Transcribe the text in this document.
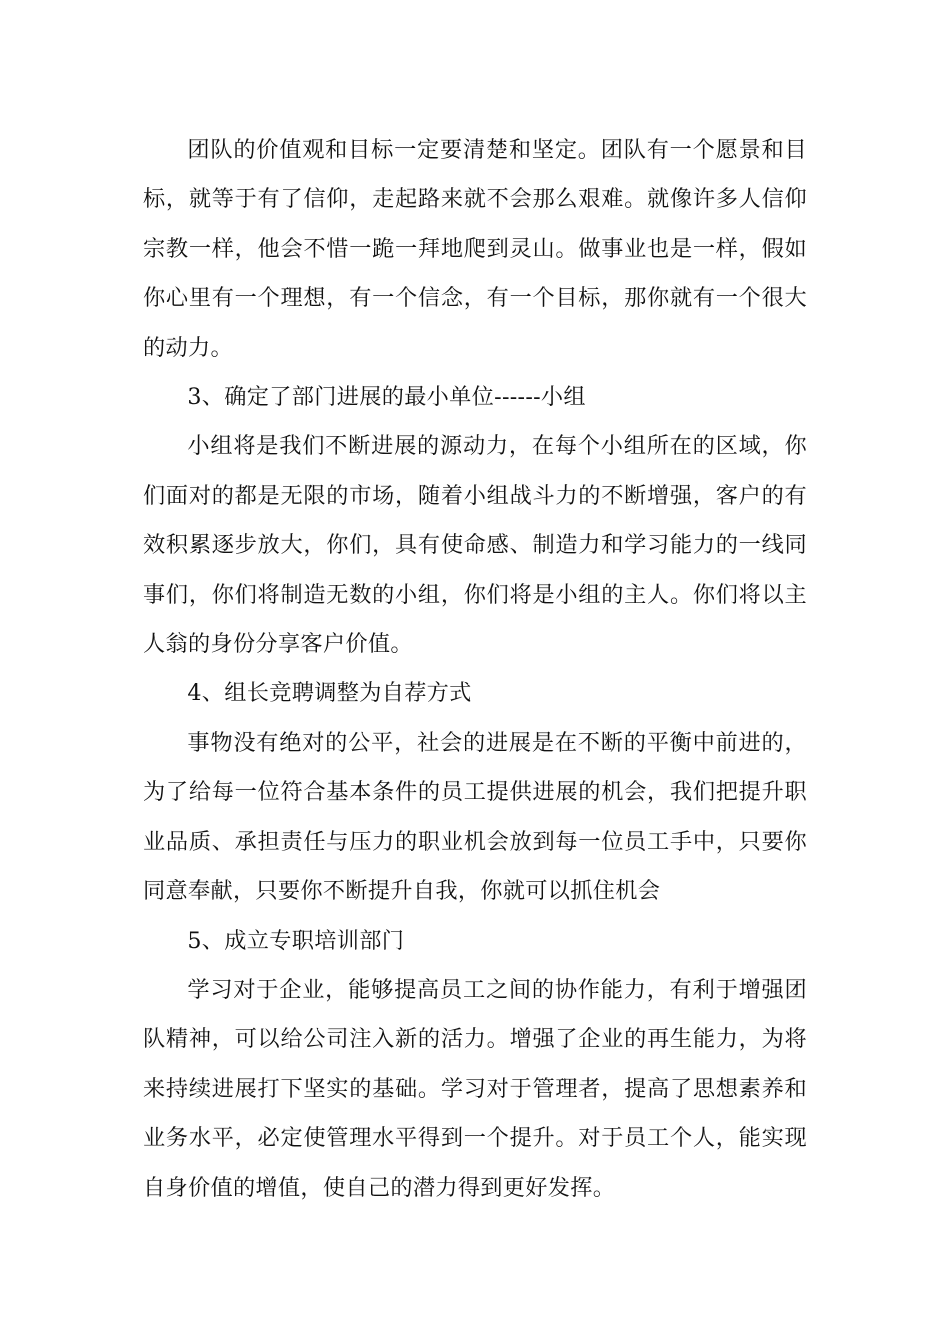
团队的价值观和目标一定要清楚和坚定。团队有一个愿景和目标，就等于有了信仰，走起路来就不会那么艰难。就像许多人信仰宗教一样，他会不惜一跪一拜地爬到灵山。做事业也是一样，假如你心里有一个理想，有一个信念，有一个目标，那你就有一个很大的动力。

3、确定了部门进展的最小单位------小组

小组将是我们不断进展的源动力，在每个小组所在的区域，你们面对的都是无限的市场，随着小组战斗力的不断增强，客户的有效积累逐步放大，你们，具有使命感、制造力和学习能力的一线同事们，你们将制造无数的小组，你们将是小组的主人。你们将以主人翁的身份分享客户价值。

4、组长竞聘调整为自荐方式

事物没有绝对的公平，社会的进展是在不断的平衡中前进的，为了给每一位符合基本条件的员工提供进展的机会，我们把提升职业品质、承担责任与压力的职业机会放到每一位员工手中，只要你同意奉献，只要你不断提升自我，你就可以抓住机会

5、成立专职培训部门

学习对于企业，能够提高员工之间的协作能力，有利于增强团队精神，可以给公司注入新的活力。增强了企业的再生能力，为将来持续进展打下坚实的基础。学习对于管理者，提高了思想素养和业务水平，必定使管理水平得到一个提升。对于员工个人，能实现自身价值的增值，使自己的潜力得到更好发挥。
